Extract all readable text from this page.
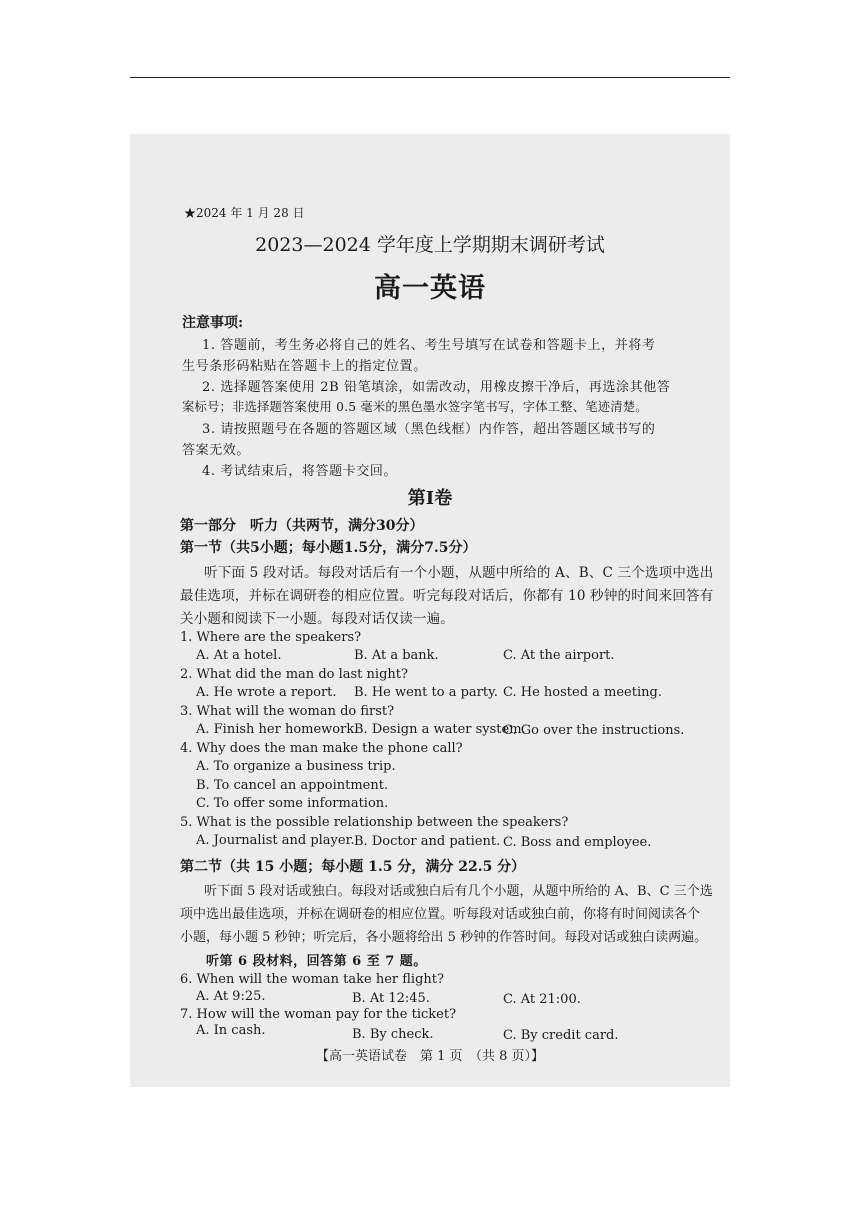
★2024 年 1 月 28 日
2023—2024 学年度上学期期末调研考试
高一英语
注意事项:
1. 答题前，考生务必将自己的姓名、考生号填写在试卷和答题卡上，并将考
生号条形码粘贴在答题卡上的指定位置。
2. 选择题答案使用 2B 铅笔填涂，如需改动，用橡皮擦干净后，再选涂其他答
案标号；非选择题答案使用 0.5 毫米的黑色墨水签字笔书写，字体工整、笔迹清楚。
3. 请按照题号在各题的答题区域（黑色线框）内作答，超出答题区域书写的
答案无效。
4. 考试结束后，将答题卡交回。
第Ⅰ卷
第一部分　听力（共两节，满分30分）
第一节（共5小题；每小题1.5分，满分7.5分）
听下面 5 段对话。每段对话后有一个小题，从题中所给的 A、B、C 三个选项中选出
最佳选项，并标在调研卷的相应位置。听完每段对话后，你都有 10 秒钟的时间来回答有
关小题和阅读下一小题。每段对话仅读一遍。
1. Where are the speakers?
A. At a hotel.	B. At a bank.	C. At the airport.
2. What did the man do last night?
A. He wrote a report. B. He went to a party. C. He hosted a meeting.
3. What will the woman do first?
A. Finish her homework.
B. Design a water system.
C. Go over the instructions.
4. Why does the man make the phone call?
A. To organize a business trip.
B. To cancel an appointment.
C. To offer some information.
5. What is the possible relationship between the speakers?
A. Journalist and player. B. Doctor and patient. C. Boss and employee.
第二节（共 15 小题；每小题 1.5 分，满分 22.5 分）
听下面 5 段对话或独白。每段对话或独白后有几个小题，从题中所给的 A、B、C 三个选
项中选出最佳选项，并标在调研卷的相应位置。听每段对话或独白前，你将有时间阅读各个
小题，每小题 5 秒钟；听完后，各小题将给出 5 秒钟的作答时间。每段对话或独白读两遍。
听第 6 段材料，回答第 6 至 7 题。
6. When will the woman take her flight?
A. At 9:25.	B. At 12:45.	C. At 21:00.
7. How will the woman pay for the ticket?
A. In cash.	B. By check.	C. By credit card.
【高一英语试卷　第 1 页　（共 8 页）】
